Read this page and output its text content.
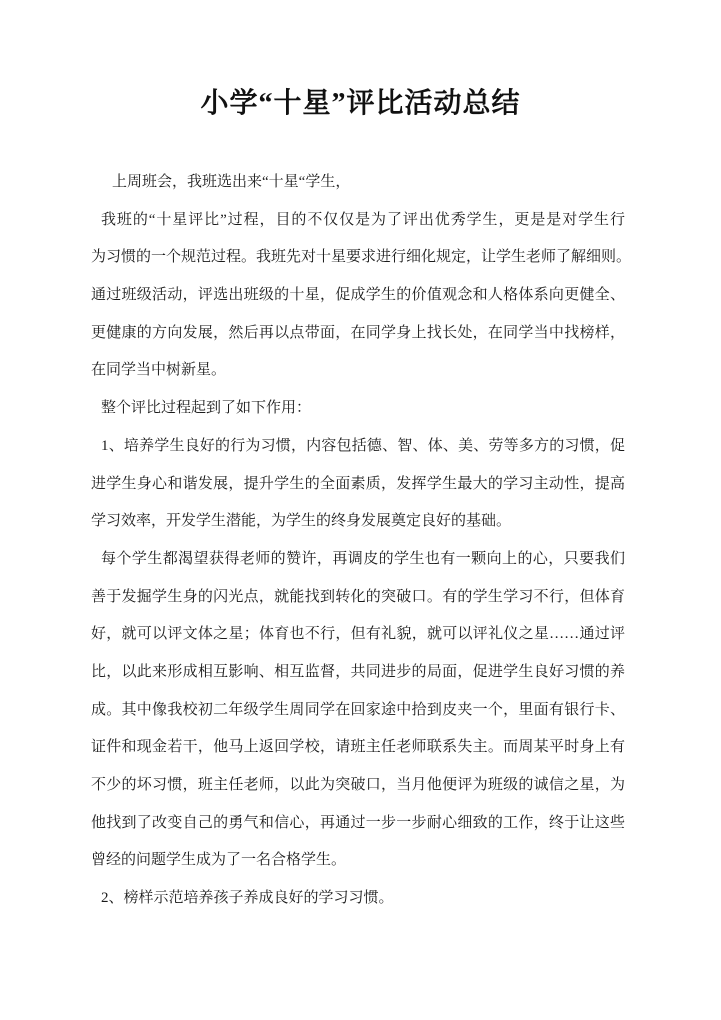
小学“十星”评比活动总结
上周班会，我班选出来“十星“学生，
我班的“十星评比”过程，目的不仅仅是为了评出优秀学生，更是是对学生行
为习惯的一个规范过程。我班先对十星要求进行细化规定，让学生老师了解细则。
通过班级活动，评选出班级的十星，促成学生的价值观念和人格体系向更健全、
更健康的方向发展，然后再以点带面，在同学身上找长处，在同学当中找榜样，
在同学当中树新星。
整个评比过程起到了如下作用：
1、培养学生良好的行为习惯，内容包括德、智、体、美、劳等多方的习惯，促
进学生身心和谐发展，提升学生的全面素质，发挥学生最大的学习主动性，提高
学习效率，开发学生潜能，为学生的终身发展奠定良好的基础。
每个学生都渴望获得老师的赞许，再调皮的学生也有一颗向上的心，只要我们
善于发掘学生身的闪光点，就能找到转化的突破口。有的学生学习不行，但体育
好，就可以评文体之星；体育也不行，但有礼貌，就可以评礼仪之星……通过评
比，以此来形成相互影响、相互监督，共同进步的局面，促进学生良好习惯的养
成。其中像我校初二年级学生周同学在回家途中拾到皮夹一个，里面有银行卡、
证件和现金若干，他马上返回学校，请班主任老师联系失主。而周某平时身上有
不少的坏习惯，班主任老师，以此为突破口，当月他便评为班级的诚信之星，为
他找到了改变自己的勇气和信心，再通过一步一步耐心细致的工作，终于让这些
曾经的问题学生成为了一名合格学生。
2、榜样示范培养孩子养成良好的学习习惯。
